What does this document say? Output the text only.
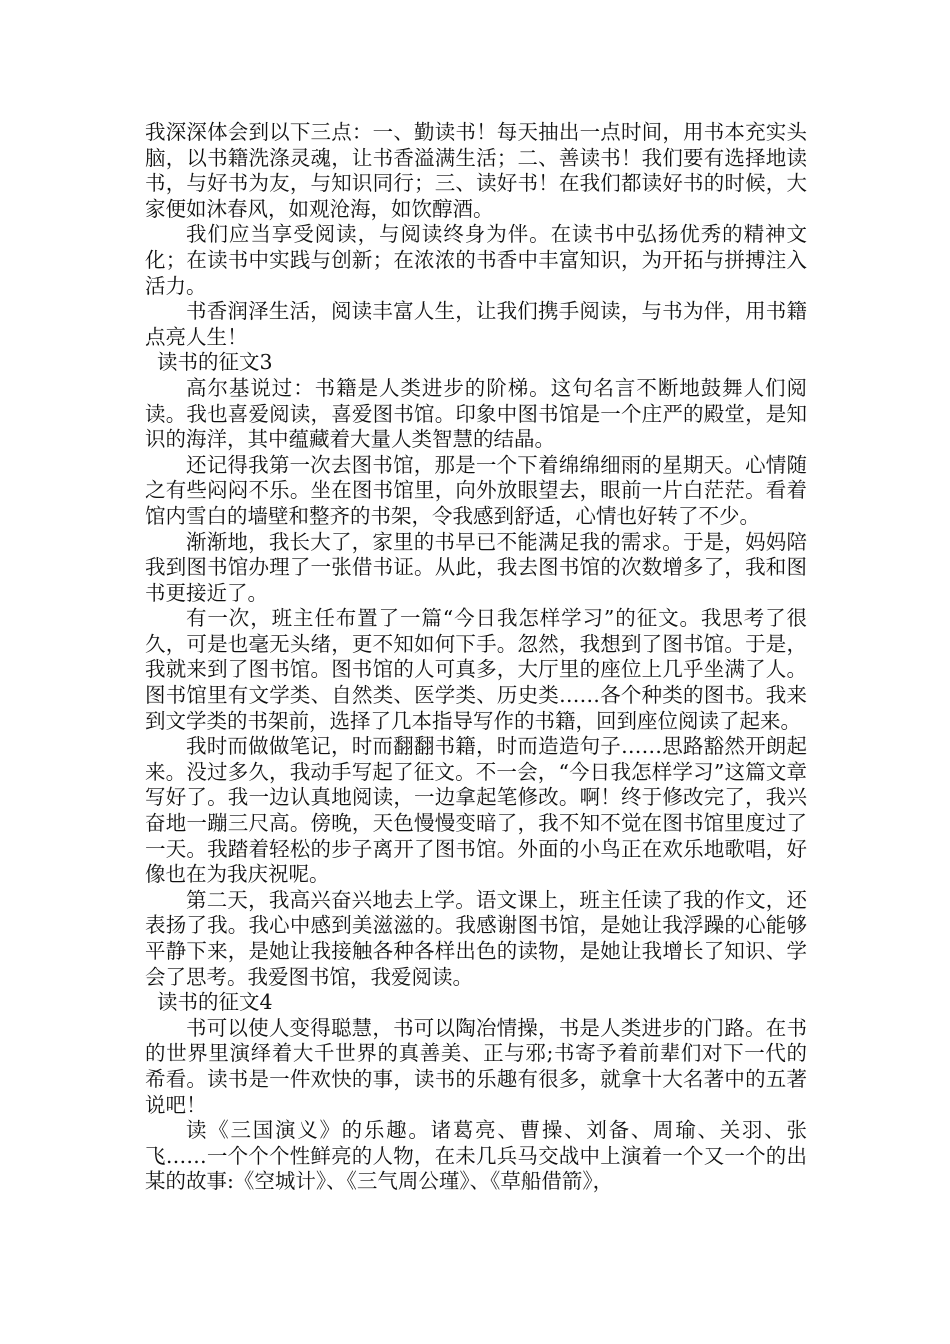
我深深体会到以下三点：一、勤读书！每天抽出一点时间，用书本充实头脑，以书籍洗涤灵魂，让书香溢满生活；二、善读书！我们要有选择地读书，与好书为友，与知识同行；三、读好书！在我们都读好书的时候，大家便如沐春风，如观沧海，如饮醇酒。

我们应当享受阅读，与阅读终身为伴。在读书中弘扬优秀的精神文化；在读书中实践与创新；在浓浓的书香中丰富知识，为开拓与拼搏注入活力。

书香润泽生活，阅读丰富人生，让我们携手阅读，与书为伴，用书籍点亮人生！

读书的征文3

高尔基说过：书籍是人类进步的阶梯。这句名言不断地鼓舞人们阅读。我也喜爱阅读，喜爱图书馆。印象中图书馆是一个庄严的殿堂，是知识的海洋，其中蕴藏着大量人类智慧的结晶。

还记得我第一次去图书馆，那是一个下着绵绵细雨的星期天。心情随之有些闷闷不乐。坐在图书馆里，向外放眼望去，眼前一片白茫茫。看着馆内雪白的墙壁和整齐的书架，令我感到舒适，心情也好转了不少。

渐渐地，我长大了，家里的书早已不能满足我的需求。于是，妈妈陪我到图书馆办理了一张借书证。从此，我去图书馆的次数增多了，我和图书更接近了。

有一次，班主任布置了一篇“今日我怎样学习”的征文。我思考了很久，可是也毫无头绪，更不知如何下手。忽然，我想到了图书馆。于是，我就来到了图书馆。图书馆的人可真多，大厅里的座位上几乎坐满了人。图书馆里有文学类、自然类、医学类、历史类……各个种类的图书。我来到文学类的书架前，选择了几本指导写作的书籍，回到座位阅读了起来。

我时而做做笔记，时而翻翻书籍，时而造造句子……思路豁然开朗起来。没过多久，我动手写起了征文。不一会，“今日我怎样学习”这篇文章写好了。我一边认真地阅读，一边拿起笔修改。啊！终于修改完了，我兴奋地一蹦三尺高。傍晚，天色慢慢变暗了，我不知不觉在图书馆里度过了一天。我踏着轻松的步子离开了图书馆。外面的小鸟正在欢乐地歌唱，好像也在为我庆祝呢。

第二天，我高兴奋兴地去上学。语文课上，班主任读了我的作文，还表扬了我。我心中感到美滋滋的。我感谢图书馆，是她让我浮躁的心能够平静下来，是她让我接触各种各样出色的读物，是她让我增长了知识、学会了思考。我爱图书馆，我爱阅读。

读书的征文4

书可以使人变得聪慧，书可以陶冶情操，书是人类进步的门路。在书的世界里演绎着大千世界的真善美、正与邪;书寄予着前辈们对下一代的希看。读书是一件欢快的事，读书的乐趣有很多，就拿十大名著中的五著说吧！

读《三国演义》的乐趣。诸葛亮、曹操、刘备、周瑜、关羽、张飞……一个个个性鲜亮的人物，在未几兵马交战中上演着一个又一个的出某的故事:《空城计》、《三气周公瑾》、《草船借箭》，
